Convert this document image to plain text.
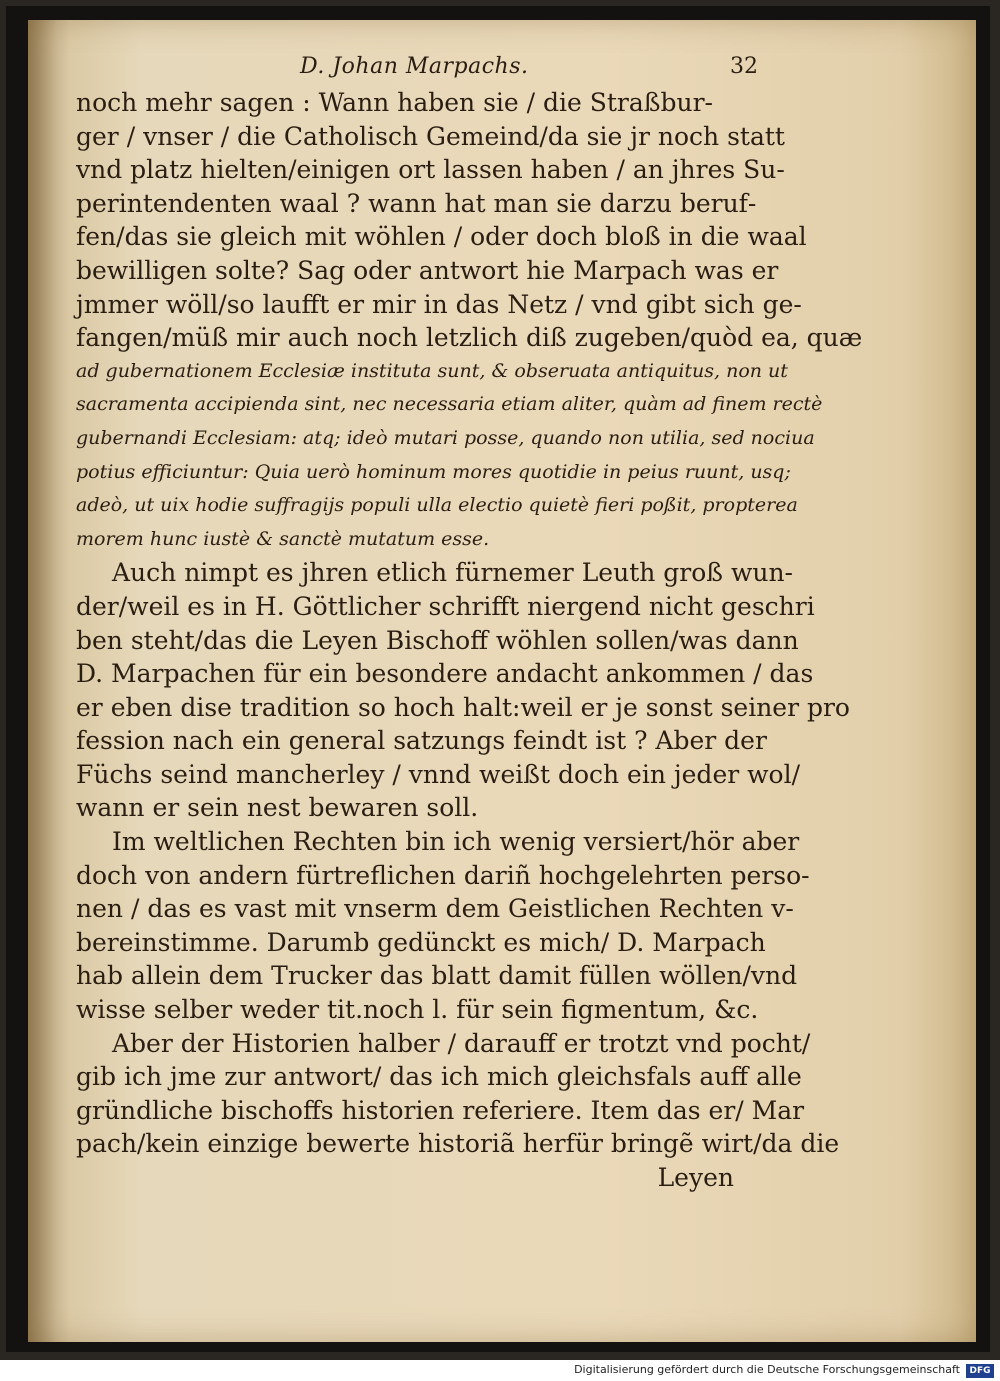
D. Johan Marpachs.	32
noch mehr sagen : Wann haben sie / die Straßbur‑
ger / vnser / die Catholisch Gemeind/da sie jr noch statt
vnd platz hielten/einigen ort lassen haben / an jhres Su‑
perintendenten waal ? wann hat man sie darzu beruf‑
fen/das sie gleich mit wöhlen / oder doch bloß in die waal
bewilligen solte? Sag oder antwort hie Marpach was er
jmmer wöll/so laufft er mir in das Netz / vnd gibt sich ge‑
fangen/müß mir auch noch letzlich diß zugeben/quòd ea, quæ
ad gubernationem Ecclesiæ instituta sunt, & obseruata antiquitus, non ut
sacramenta accipienda sint, nec necessaria etiam aliter, quàm ad finem rectè
gubernandi Ecclesiam: atq; ideò mutari posse, quando non utilia, sed nociua
potius efficiuntur: Quia uerò hominum mores quotidie in peius ruunt, usq;
adeò, ut uix hodie suffragijs populi ulla electio quietè fieri poßit, propterea
morem hunc iustè & sanctè mutatum esse.
Auch nimpt es jhren etlich fürnemer Leuth groß wun‑
der/weil es in H. Göttlicher schrifft niergend nicht geschri
ben steht/das die Leyen Bischoff wöhlen sollen/was dann
D. Marpachen für ein besondere andacht ankommen / das
er eben dise tradition so hoch halt:weil er je sonst seiner pro
fession nach ein general satzungs feindt ist ? Aber der
Füchs seind mancherley / vnnd weißt doch ein jeder wol/
wann er sein nest bewaren soll.
Im weltlichen Rechten bin ich wenig versiert/hör aber
doch von andern fürtreflichen dariñ hochgelehrten perso‑
nen / das es vast mit vnserm dem Geistlichen Rechten v‑
bereinstimme. Darumb gedünckt es mich/ D. Marpach
hab allein dem Trucker das blatt damit füllen wöllen/vnd
wisse selber weder tit.noch l. für sein figmentum, &c.
Aber der Historien halber / darauff er trotzt vnd pocht/
gib ich jme zur antwort/ das ich mich gleichsfals auff alle
gründliche bischoffs historien referiere. Item das er/ Mar
pach/kein einzige bewerte historiã herfür bringẽ wirt/da die
Leyen
Digitalisierung gefördert durch die Deutsche Forschungsgemeinschaft	DFG
